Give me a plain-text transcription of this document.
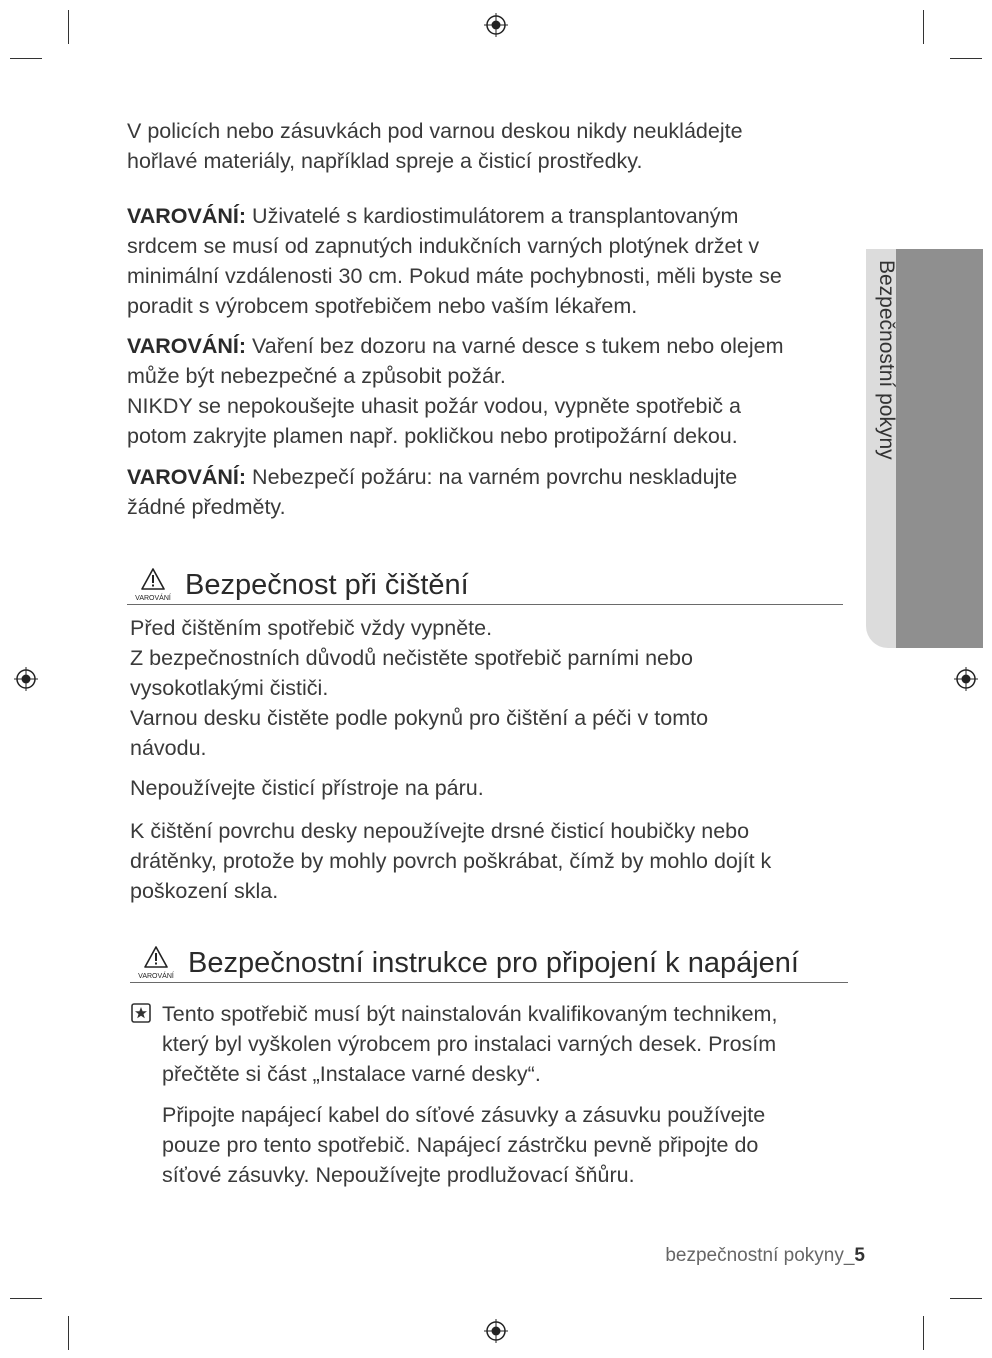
Bezpečnostní pokyny

V policích nebo zásuvkách pod varnou deskou nikdy neukládejte
hořlavé materiály, například spreje a čisticí prostředky.

VAROVÁNÍ: Uživatelé s kardiostimulátorem a transplantovaným
srdcem se musí od zapnutých indukčních varných plotýnek držet v
minimální vzdálenosti 30 cm. Pokud máte pochybnosti, měli byste se
poradit s výrobcem spotřebičem nebo vaším lékařem.

VAROVÁNÍ: Vaření bez dozoru na varné desce s tukem nebo olejem
může být nebezpečné a způsobit požár.
NIKDY se nepokoušejte uhasit požár vodou, vypněte spotřebič a
potom zakryjte plamen např. pokličkou nebo protipožární dekou.

VAROVÁNÍ: Nebezpečí požáru: na varném povrchu neskladujte
žádné předměty.

VAROVÁNÍ Bezpečnost při čištění

Před čištěním spotřebič vždy vypněte.
Z bezpečnostních důvodů nečistěte spotřebič parními nebo
vysokotlakými čističi.
Varnou desku čistěte podle pokynů pro čištění a péči v tomto
návodu.

Nepoužívejte čisticí přístroje na páru.

K čištění povrchu desky nepoužívejte drsné čisticí houbičky nebo
drátěnky, protože by mohly povrch poškrábat, čímž by mohlo dojít k
poškození skla.

VAROVÁNÍ Bezpečnostní instrukce pro připojení k napájení

Tento spotřebič musí být nainstalován kvalifikovaným technikem,
který byl vyškolen výrobcem pro instalaci varných desek. Prosím
přečtěte si část „Instalace varné desky“.

Připojte napájecí kabel do síťové zásuvky a zásuvku používejte
pouze pro tento spotřebič. Napájecí zástrčku pevně připojte do
síťové zásuvky. Nepoužívejte prodlužovací šňůru.

bezpečnostní pokyny_5
